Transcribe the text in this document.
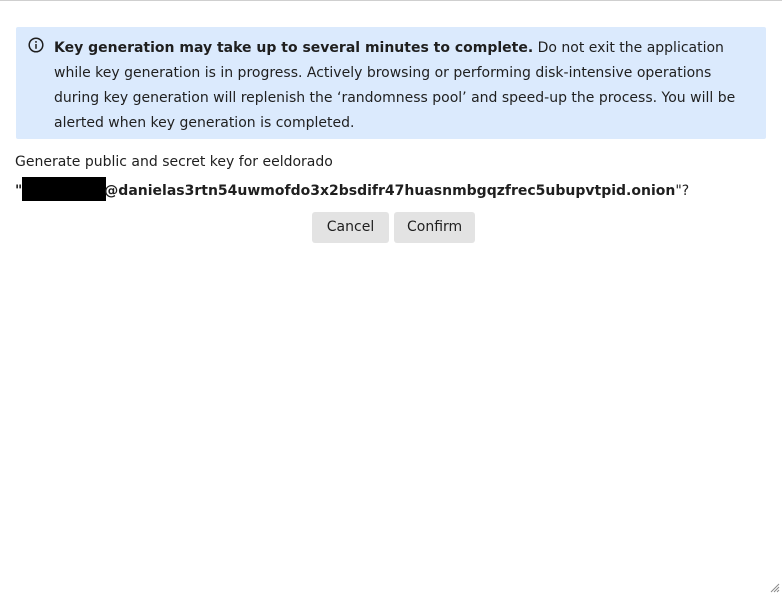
Key generation may take up to several minutes to complete. Do not exit the application while key generation is in progress. Actively browsing or performing disk-intensive operations during key generation will replenish the ‘randomness pool’ and speed-up the process. You will be alerted when key generation is completed.
Generate public and secret key for eeldorado
"	@danielas3rtn54uwmofdo3x2bsdifr47huasnmbgqzfrec5ubupvtpid.onion"?
Cancel	Confirm
